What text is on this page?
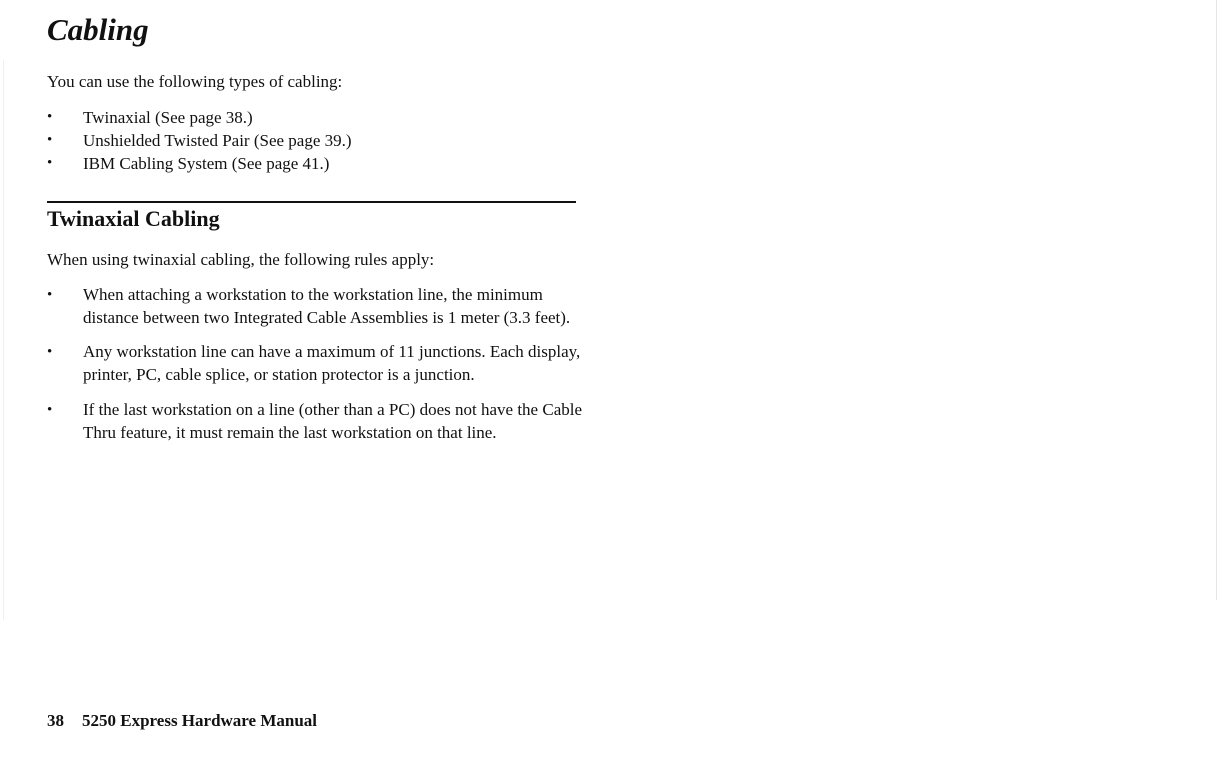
Cabling

You can use the following types of cabling:

• Twinaxial (See page 38.)
• Unshielded Twisted Pair (See page 39.)
• IBM Cabling System (See page 41.)
Twinaxial Cabling

When using twinaxial cabling, the following rules apply:

• When attaching a workstation to the workstation line, the minimum distance between two Integrated Cable Assemblies is 1 meter (3.3 feet).
• Any workstation line can have a maximum of 11 junctions. Each display, printer, PC, cable splice, or station protector is a junction.
• If the last workstation on a line (other than a PC) does not have the Cable Thru feature, it must remain the last workstation on that line.

38 5250 Express Hardware Manual
